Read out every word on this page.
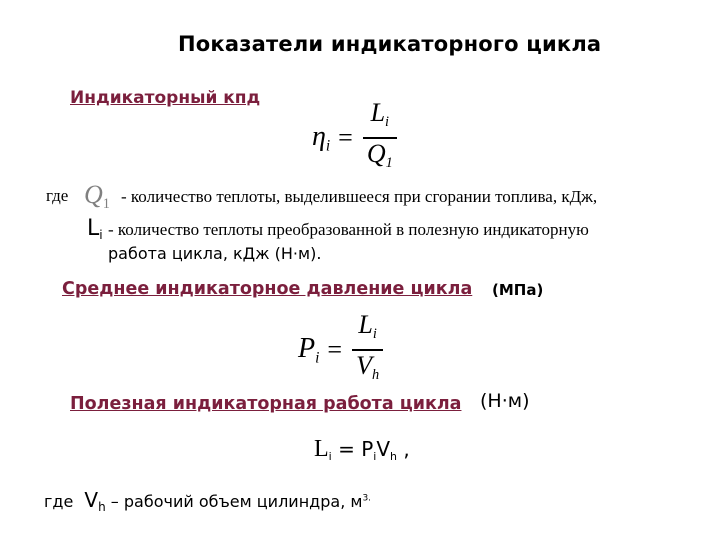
Показатели индикаторного цикла
Индикаторный кпд
$\eta_i = \frac{L_i}{Q_1}$
где $Q_1$ - количество теплоты, выделившееся при сгорании топлива, кДж,
$L_i$ - количество теплоты преобразованной в полезную индикаторную
работа цикла, кДж (Н·м).
Среднее индикаторное давление цикла (МПа)
$P_i = \frac{L_i}{V_h}$
Полезная индикаторная работа цикла (Н·м)
$L_i = P_iV_h$ ,
где $V_h$ – рабочий объем цилиндра, $м^{3.}$
